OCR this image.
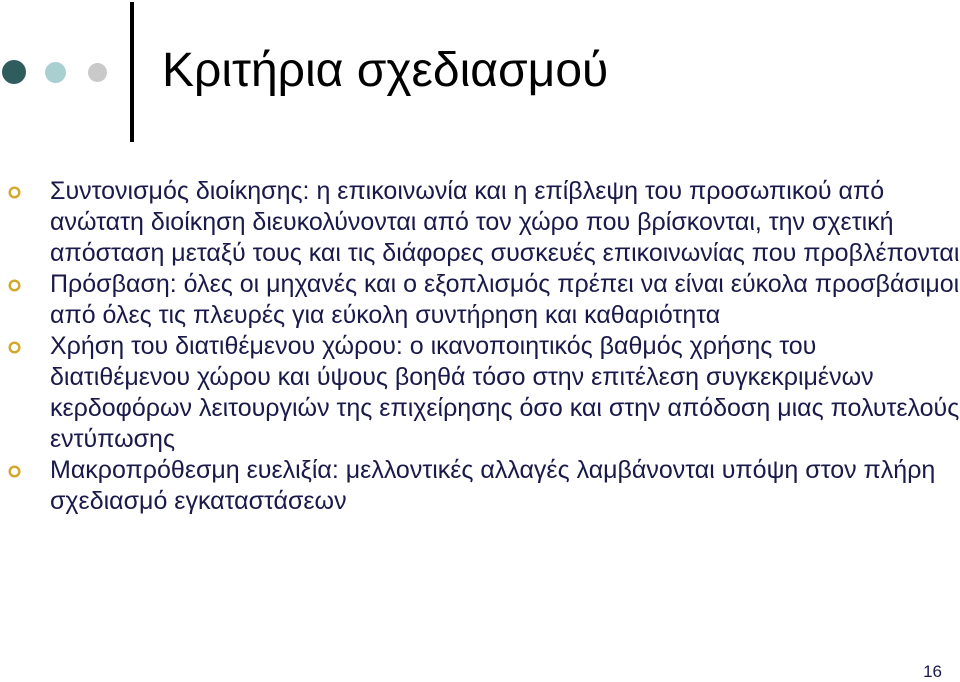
Κριτήρια σχεδιασμού
Συντονισμός διοίκησης: η επικοινωνία και η επίβλεψη του προσωπικού από ανώτατη διοίκηση διευκολύνονται από τον χώρο που βρίσκονται, την σχετική απόσταση μεταξύ τους και τις διάφορες συσκευές επικοινωνίας που προβλέπονται
Πρόσβαση: όλες οι μηχανές και ο εξοπλισμός πρέπει να είναι εύκολα προσβάσιμοι από όλες τις πλευρές για εύκολη συντήρηση και καθαριότητα
Χρήση του διατιθέμενου χώρου: ο ικανοποιητικός βαθμός χρήσης του διατιθέμενου χώρου και ύψους βοηθά τόσο στην επιτέλεση συγκεκριμένων κερδοφόρων λειτουργιών της επιχείρησης όσο και στην απόδοση μιας πολυτελούς εντύπωσης
Μακροπρόθεσμη ευελιξία: μελλοντικές αλλαγές λαμβάνονται υπόψη στον πλήρη σχεδιασμό εγκαταστάσεων
16
